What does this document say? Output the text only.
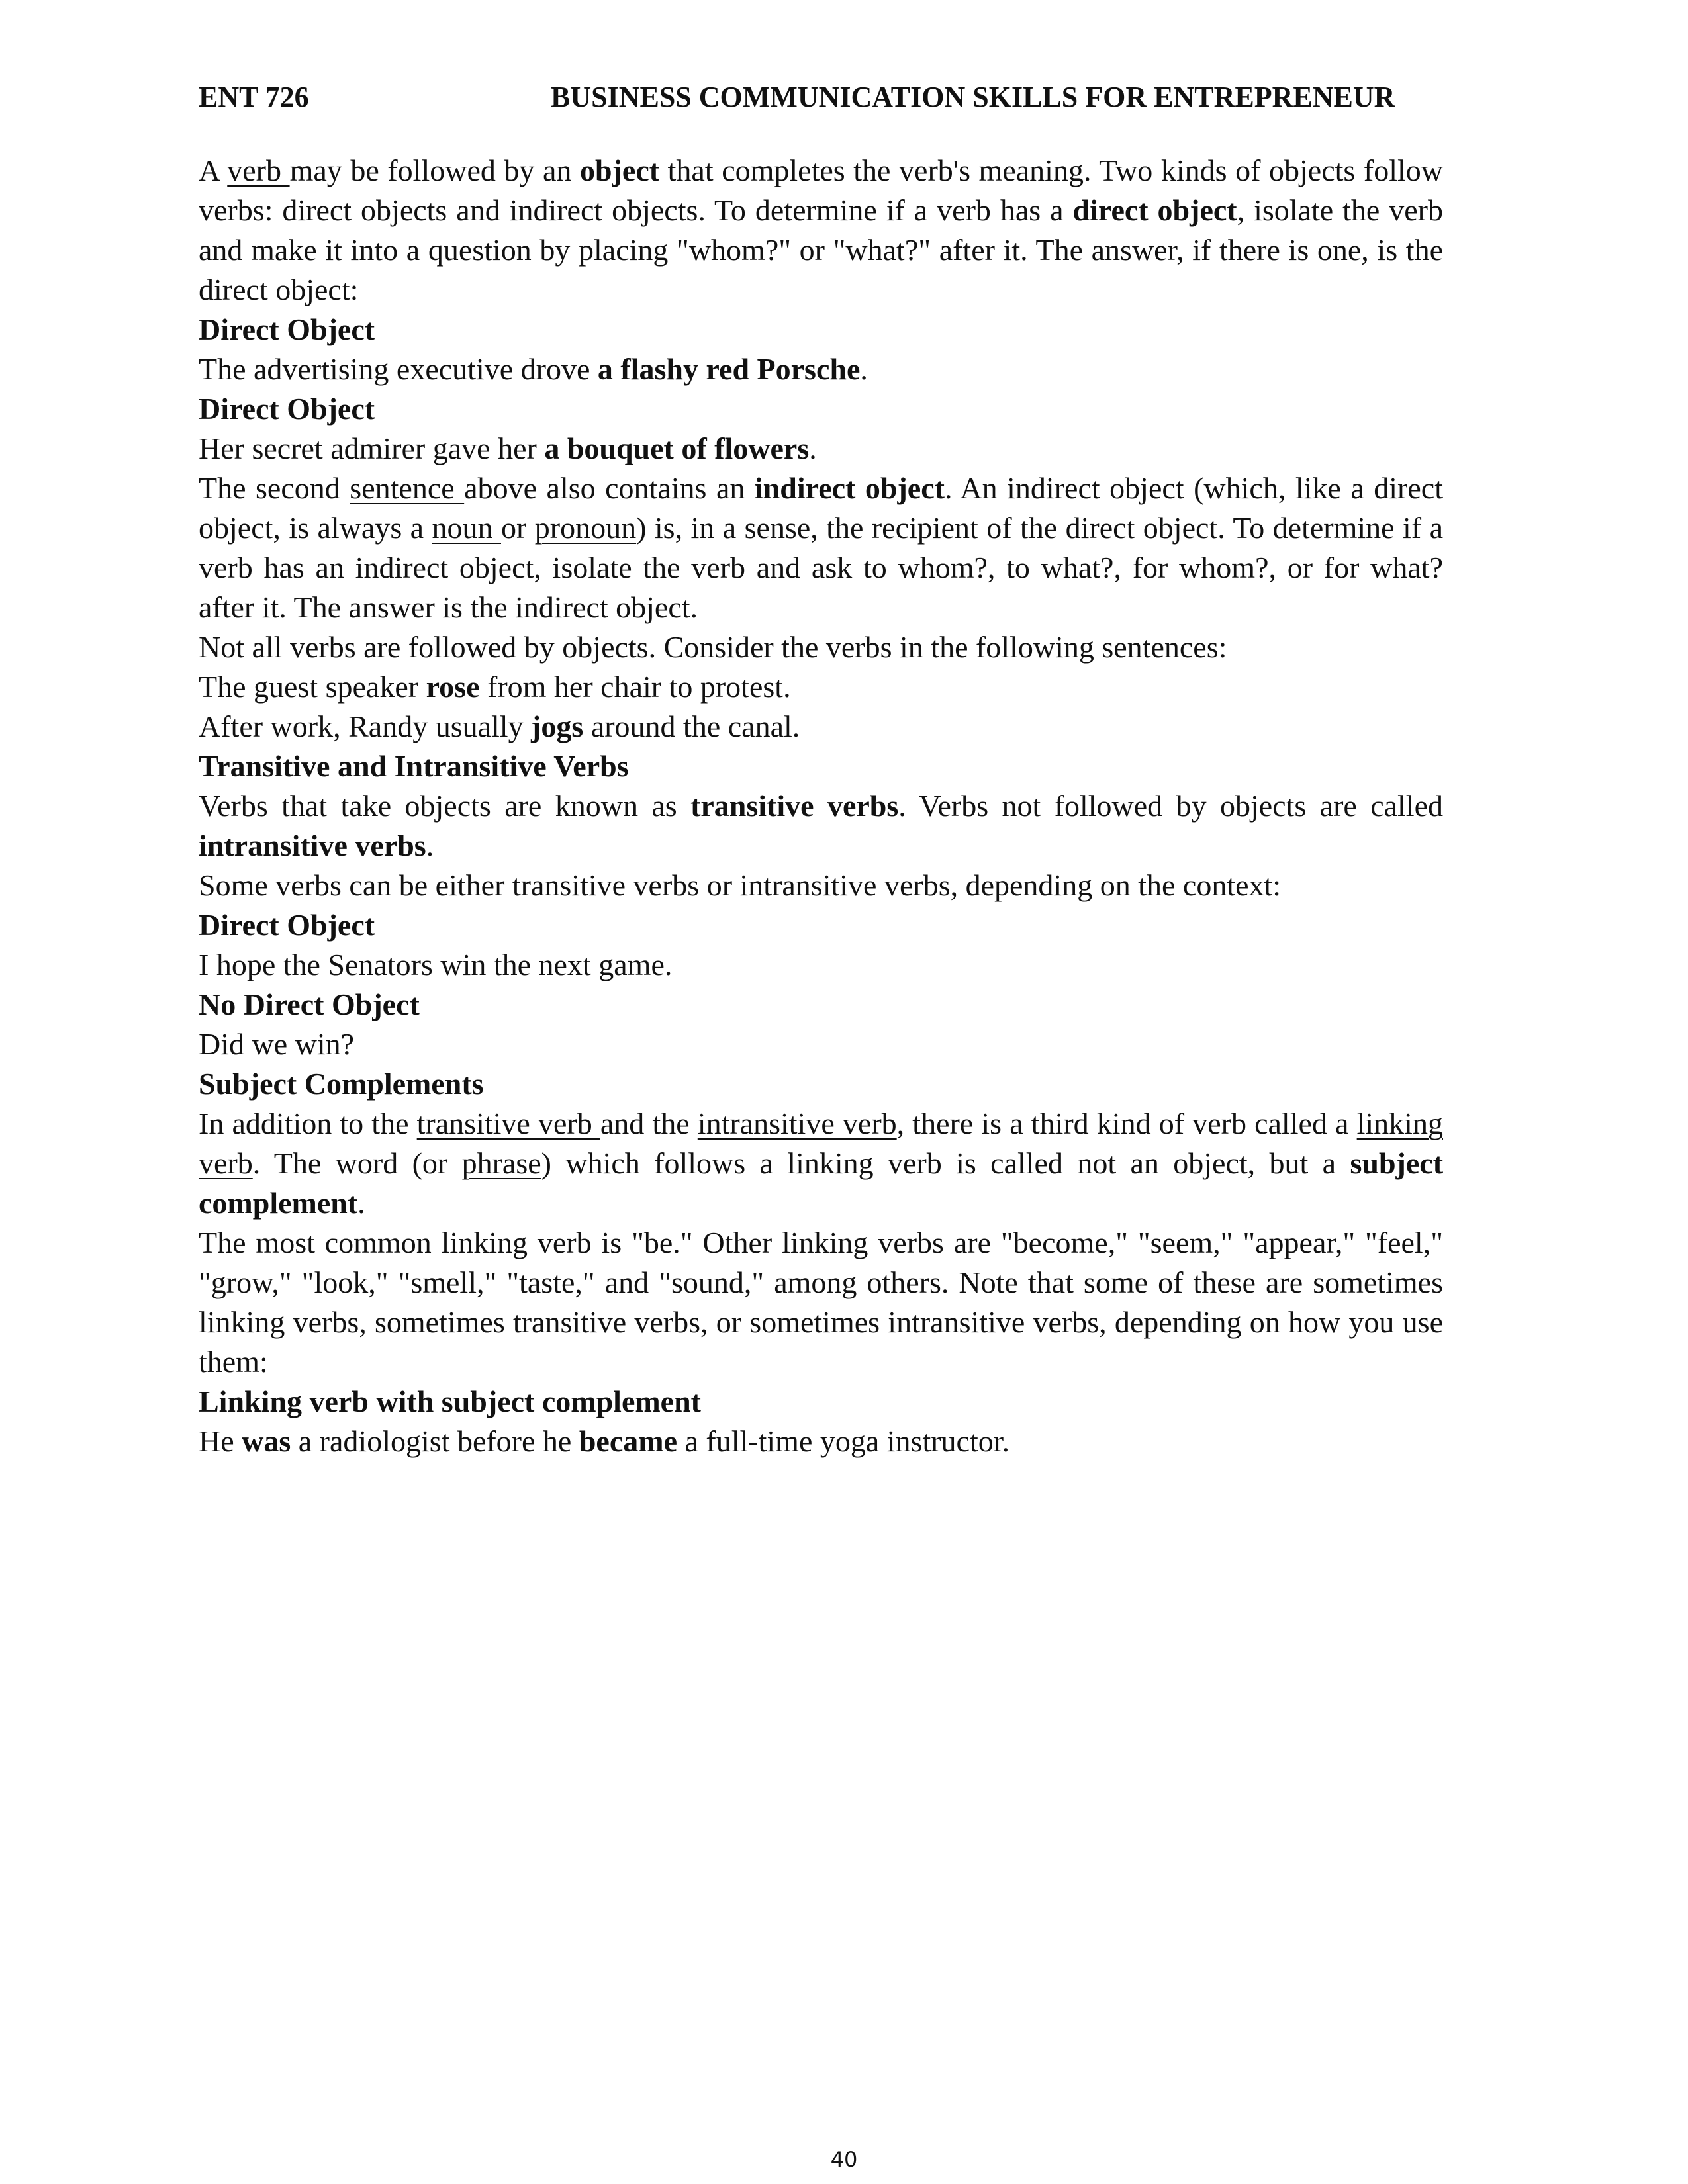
ENT 726	BUSINESS COMMUNICATION SKILLS FOR ENTREPRENEUR

A verb may be followed by an object that completes the verb's meaning. Two kinds of objects follow verbs: direct objects and indirect objects. To determine if a verb has a direct object, isolate the verb and make it into a question by placing "whom?" or "what?" after it. The answer, if there is one, is the direct object:

Direct Object

The advertising executive drove a flashy red Porsche.

Direct Object

Her secret admirer gave her a bouquet of flowers.

The second sentence above also contains an indirect object. An indirect object (which, like a direct object, is always a noun or pronoun) is, in a sense, the recipient of the direct object. To determine if a verb has an indirect object, isolate the verb and ask to whom?, to what?, for whom?, or for what? after it. The answer is the indirect object.

Not all verbs are followed by objects. Consider the verbs in the following sentences:

The guest speaker rose from her chair to protest.

After work, Randy usually jogs around the canal.

Transitive and Intransitive Verbs

Verbs that take objects are known as transitive verbs. Verbs not followed by objects are called intransitive verbs.

Some verbs can be either transitive verbs or intransitive verbs, depending on the context:

Direct Object

I hope the Senators win the next game.

No Direct Object

Did we win?

Subject Complements

In addition to the transitive verb and the intransitive verb, there is a third kind of verb called a linking verb. The word (or phrase) which follows a linking verb is called not an object, but a subject complement.

The most common linking verb is "be." Other linking verbs are "become," "seem," "appear," "feel," "grow," "look," "smell," "taste," and "sound," among others. Note that some of these are sometimes linking verbs, sometimes transitive verbs, or sometimes intransitive verbs, depending on how you use them:

Linking verb with subject complement

He was a radiologist before he became a full-time yoga instructor.

40
